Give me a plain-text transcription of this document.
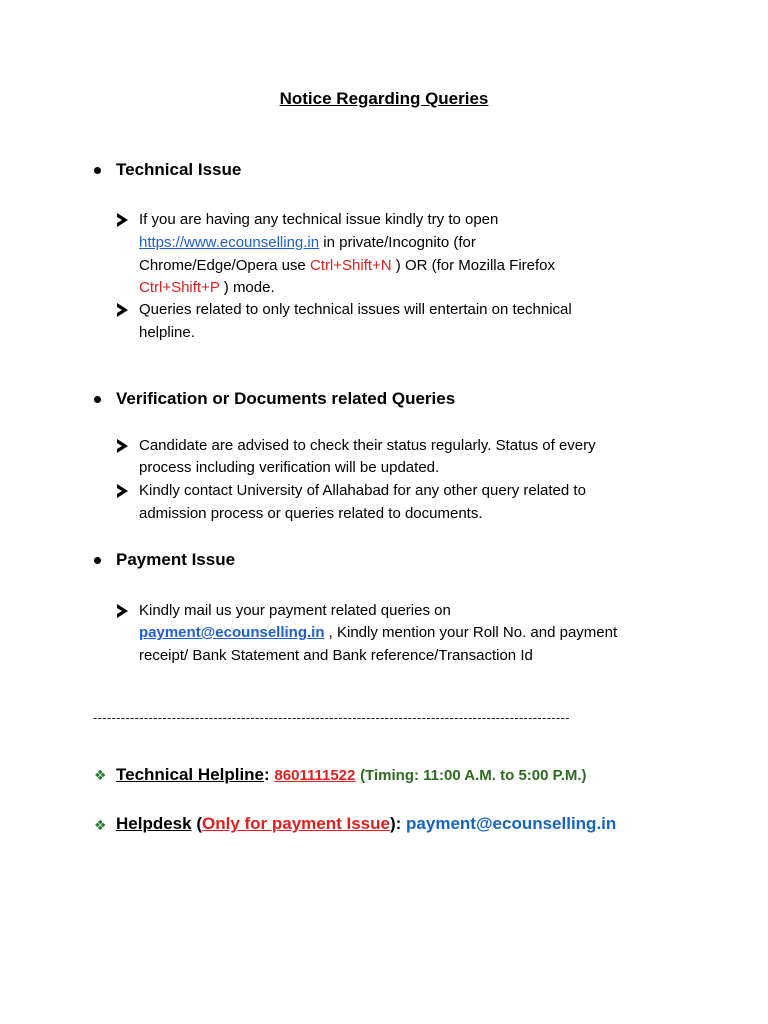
Notice Regarding Queries
Technical Issue
If you are having any technical issue kindly try to open
https://www.ecounselling.in in private/Incognito (for
Chrome/Edge/Opera use Ctrl+Shift+N ) OR (for Mozilla Firefox
Ctrl+Shift+P ) mode.
Queries related to only technical issues will entertain on technical
helpline.
Verification or Documents related Queries
Candidate are advised to check their status regularly. Status of every
process including verification will be updated.
Kindly contact University of Allahabad for any other query related to
admission process or queries related to documents.
Payment Issue
Kindly mail us your payment related queries on
payment@ecounselling.in , Kindly mention your Roll No. and payment
receipt/ Bank Statement and Bank reference/Transaction Id
-------------------------------------------------------------------------------------------------------
❖ Technical Helpline: 8601111522 (Timing: 11:00 A.M. to 5:00 P.M.)
❖ Helpdesk (Only for payment Issue): payment@ecounselling.in
